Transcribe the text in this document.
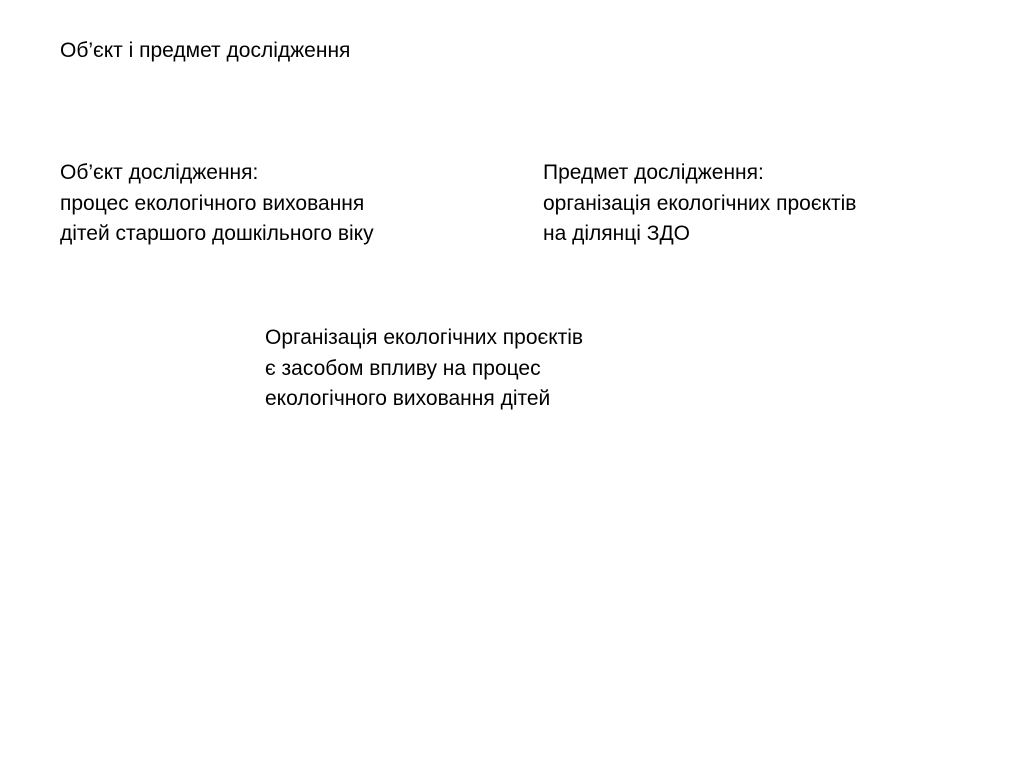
Об’єкт і предмет дослідження
Об’єкт дослідження:
процес екологічного виховання
дітей старшого дошкільного віку
Предмет дослідження:
організація екологічних проєктів
на ділянці ЗДО
Організація екологічних проєктів
є засобом впливу на процес
екологічного виховання дітей
